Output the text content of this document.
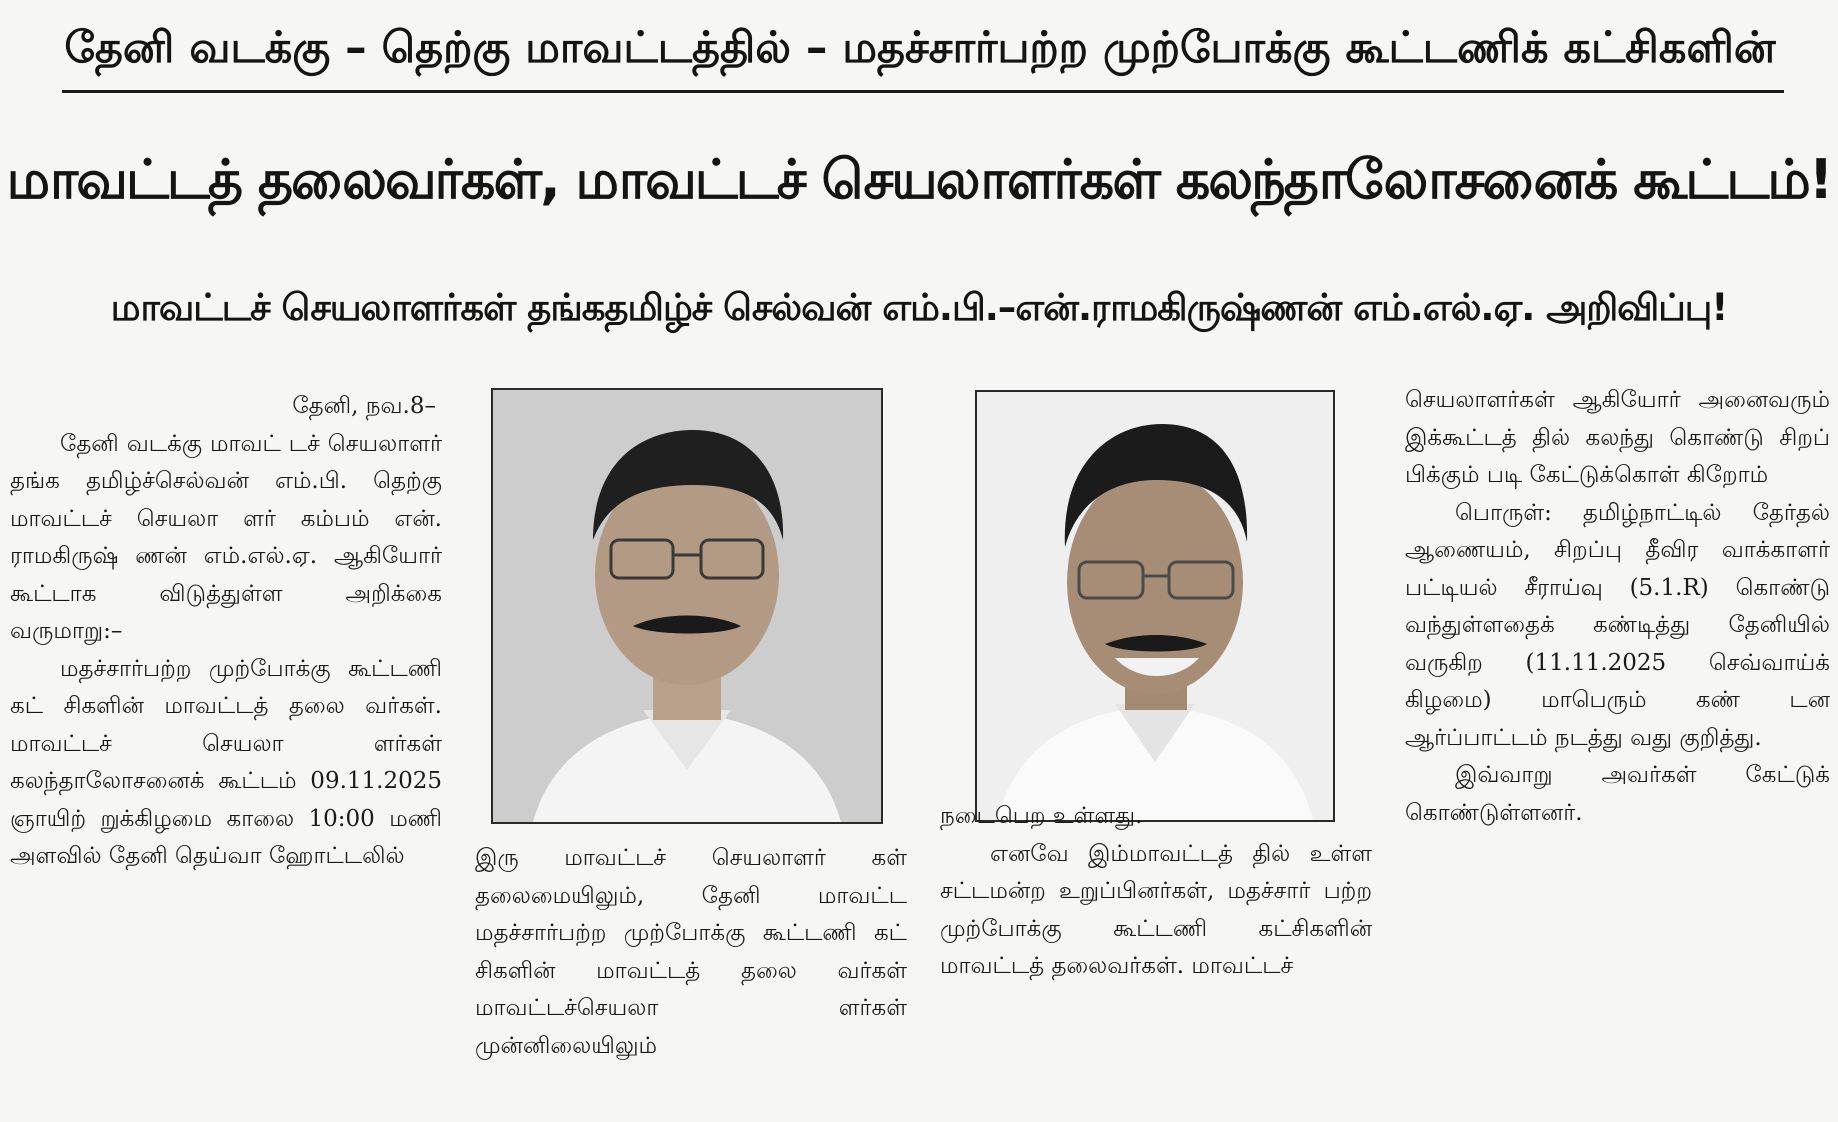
தேனி வடக்கு – தெற்கு மாவட்டத்தில் – மதச்சார்பற்ற முற்போக்கு கூட்டணிக் கட்சிகளின்
மாவட்டத் தலைவர்கள், மாவட்டச் செயலாளர்கள் கலந்தாலோசனைக் கூட்டம்!
மாவட்டச் செயலாளர்கள் தங்கதமிழ்ச் செல்வன் எம்.பி.–என்.ராமகிருஷ்ணன் எம்.எல்.ஏ. அறிவிப்பு!

தேனி, நவ.8–

தேனி வடக்கு மாவட் டச் செயலாளர் தங்க தமிழ்ச்செல்வன் எம்.பி. தெற்கு மாவட்டச் செயலா ளர் கம்பம் என். ராமகிருஷ் ணன் எம்.எல்.ஏ. ஆகியோர் கூட்டாக விடுத்துள்ள அறிக்கை வருமாறு:–

மதச்சார்பற்ற முற்போக்கு கூட்டணி கட் சிகளின் மாவட்டத் தலை வர்கள். மாவட்டச் செயலா ளர்கள் கலந்தாலோசனைக் கூட்டம் 09.11.2025 ஞாயிற் றுக்கிழமை காலை 10:00 மணி அளவில் தேனி தெய்வா ஹோட்டலில்	இரு மாவட்டச் செயலாளர் கள் தலைமையிலும், தேனி மாவட்ட மதச்சார்பற்ற முற்போக்கு கூட்டணி கட் சிகளின் மாவட்டத் தலை வர்கள் மாவட்டச்செயலா ளர்கள் முன்னிலையிலும்

நடைபெற உள்ளது.

எனவே இம்மாவட்டத் தில் உள்ள சட்டமன்ற உறுப்பினர்கள், மதச்சார் பற்ற முற்போக்கு கூட்டணி கட்சிகளின் மாவட்டத் தலைவர்கள். மாவட்டச்

செயலாளர்கள் ஆகியோர் அனைவரும் இக்கூட்டத் தில் கலந்து கொண்டு சிறப் பிக்கும் படி கேட்டுக்கொள் கிறோம்

பொருள்: தமிழ்நாட்டில் தேர்தல் ஆணையம், சிறப்பு தீவிர வாக்காளர் பட்டியல் சீராய்வு (5.1.R) கொண்டு வந்துள்ளதைக் கண்டித்து தேனியில் வருகிற (11.11.2025 செவ்வாய்க் கிழமை) மாபெரும் கண் டன ஆர்ப்பாட்டம் நடத்து வது குறித்து.

இவ்வாறு அவர்கள் கேட்டுக் கொண்டுள்ளனர்.
